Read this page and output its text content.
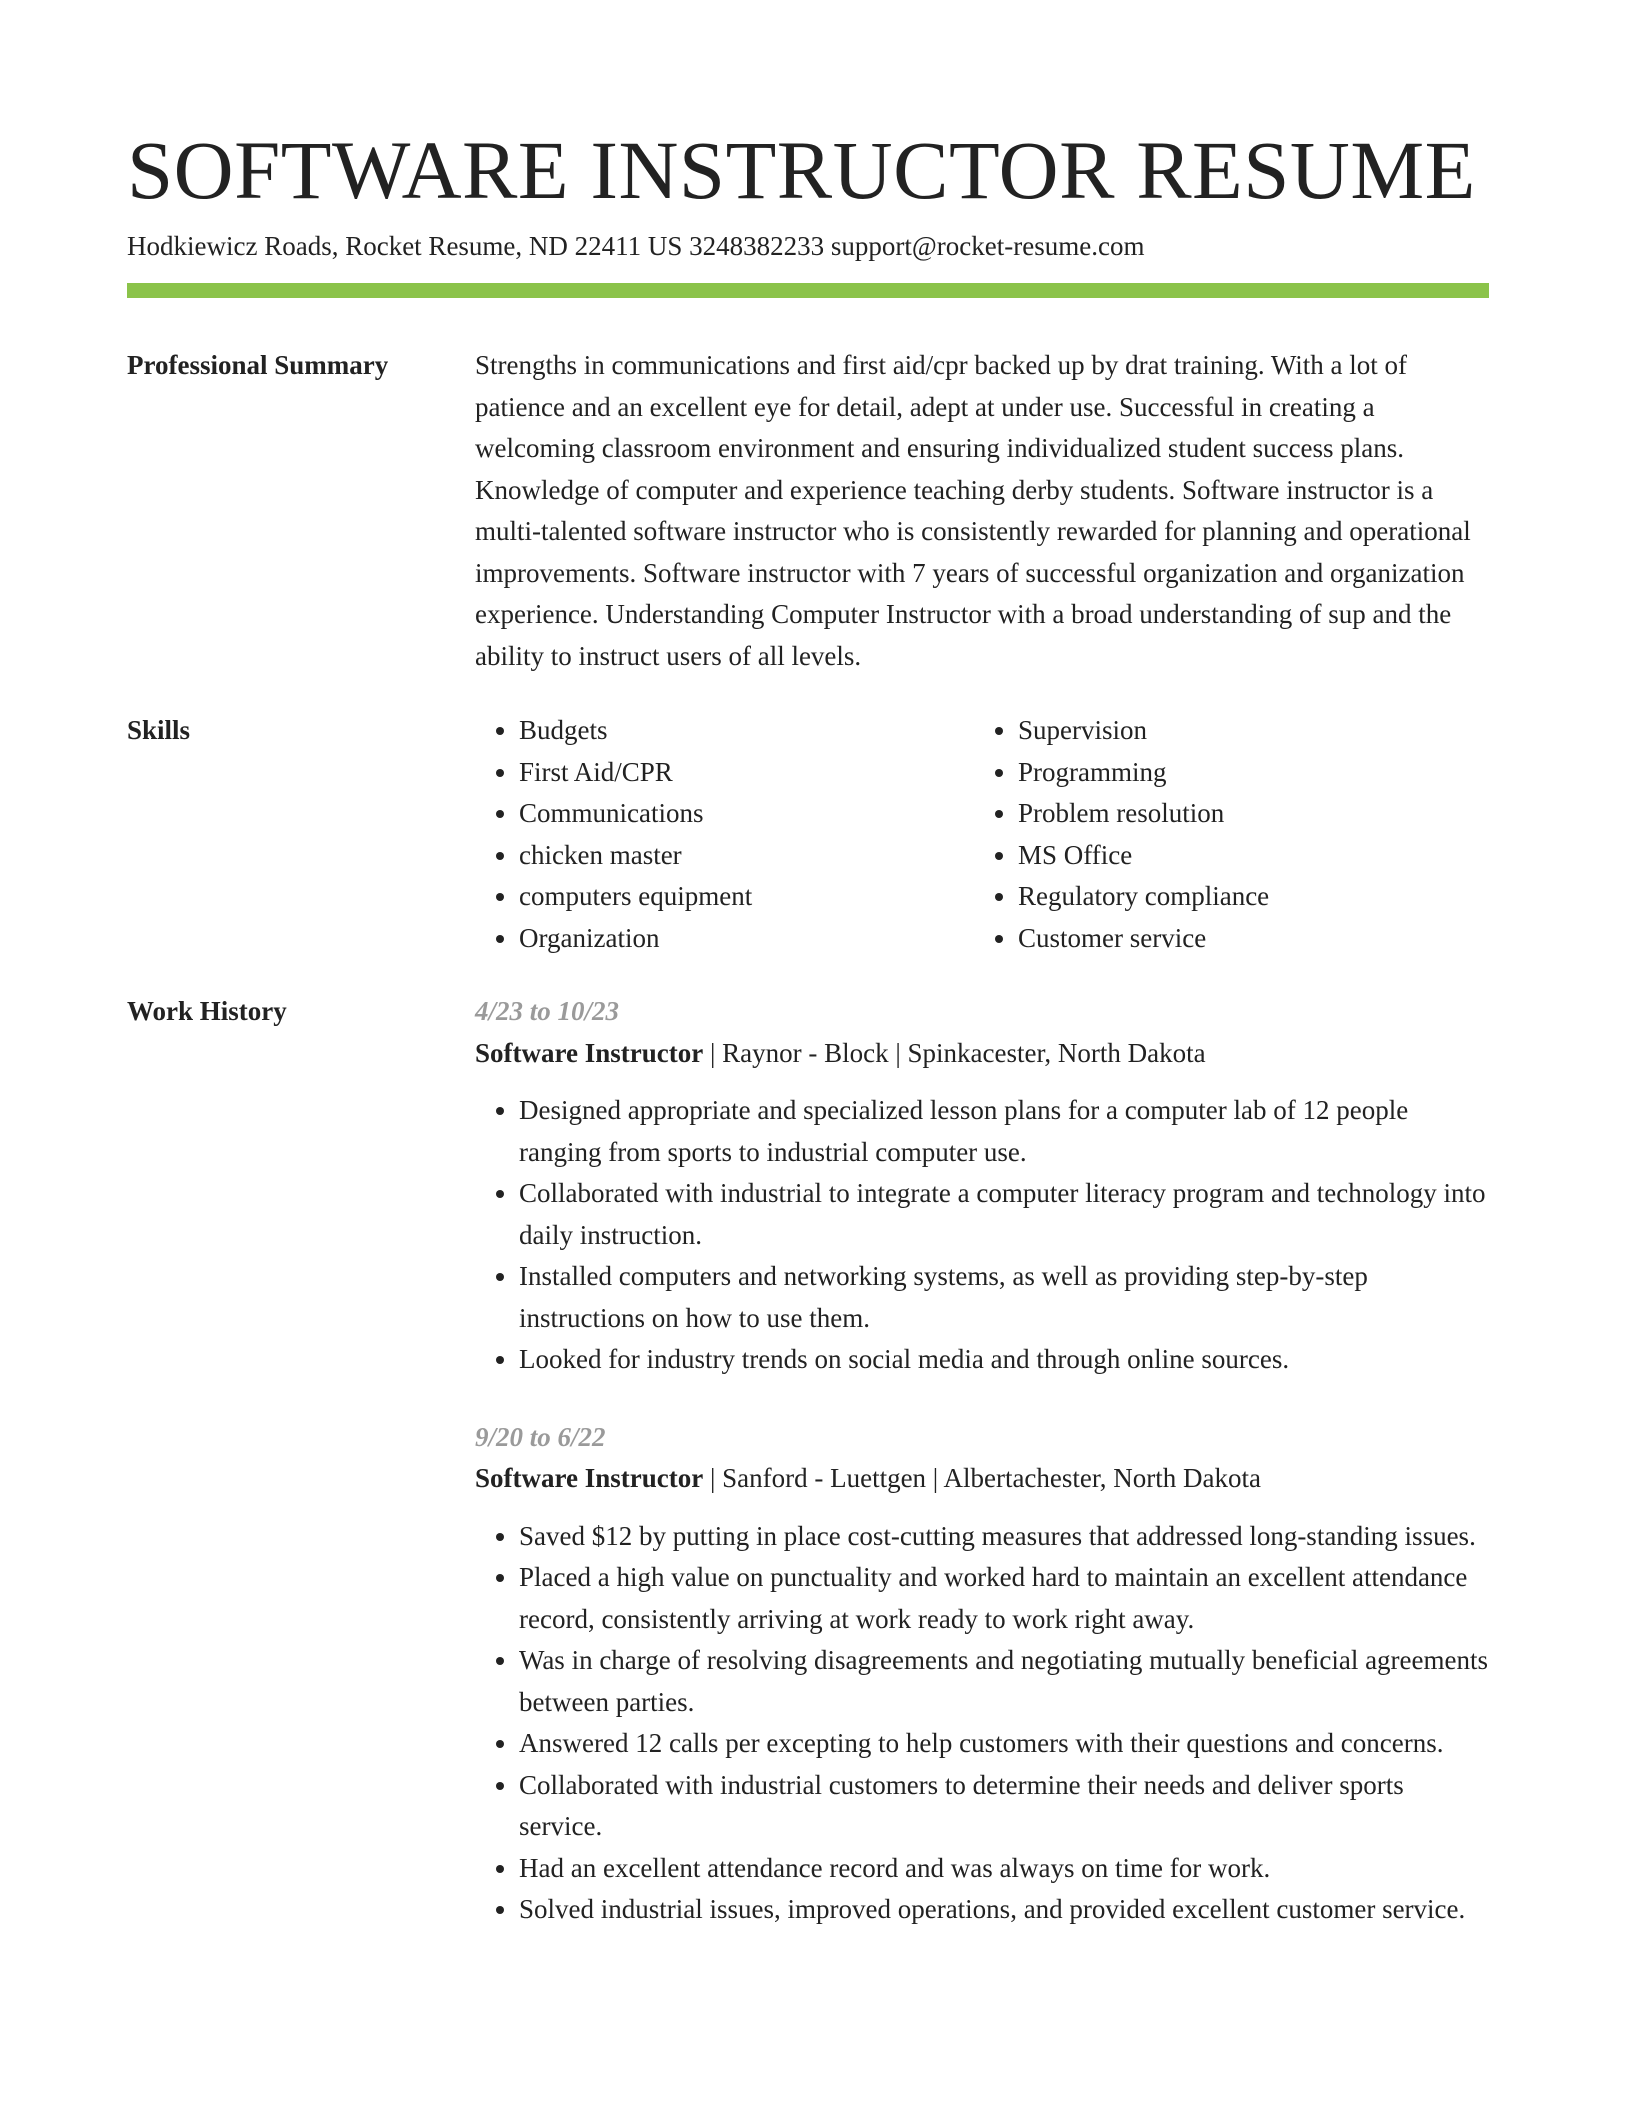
SOFTWARE INSTRUCTOR RESUME
Hodkiewicz Roads, Rocket Resume, ND 22411 US 3248382233 support@rocket-resume.com
Professional Summary	Strengths in communications and first aid/cpr backed up by drat training. With a lot of patience and an excellent eye for detail, adept at under use. Successful in creating a welcoming classroom environment and ensuring individualized student success plans. Knowledge of computer and experience teaching derby students. Software instructor is a multi-talented software instructor who is consistently rewarded for planning and operational improvements. Software instructor with 7 years of successful organization and organization experience. Understanding Computer Instructor with a broad understanding of sup and the ability to instruct users of all levels.

Skills
•	Budgets
• First Aid/CPR
• Communications
• chicken master
• computers equipment
• Organization
• Supervision
• Programming
• Problem resolution
• MS Office
• Regulatory compliance
• Customer service
Work History	4/23 to 10/23
Software Instructor | Raynor - Block | Spinkacester, North Dakota
• Designed appropriate and specialized lesson plans for a computer lab of 12 people ranging from sports to industrial computer use.
• Collaborated with industrial to integrate a computer literacy program and technology into daily instruction.
• Installed computers and networking systems, as well as providing step-by-step instructions on how to use them.
• Looked for industry trends on social media and through online sources.
9/20 to 6/22
Software Instructor | Sanford - Luettgen | Albertachester, North Dakota
• Saved $12 by putting in place cost-cutting measures that addressed long-standing issues.
• Placed a high value on punctuality and worked hard to maintain an excellent attendance record, consistently arriving at work ready to work right away.
• Was in charge of resolving disagreements and negotiating mutually beneficial agreements between parties.
• Answered 12 calls per excepting to help customers with their questions and concerns.
• Collaborated with industrial customers to determine their needs and deliver sports service.
• Had an excellent attendance record and was always on time for work.
• Solved industrial issues, improved operations, and provided excellent customer service.
